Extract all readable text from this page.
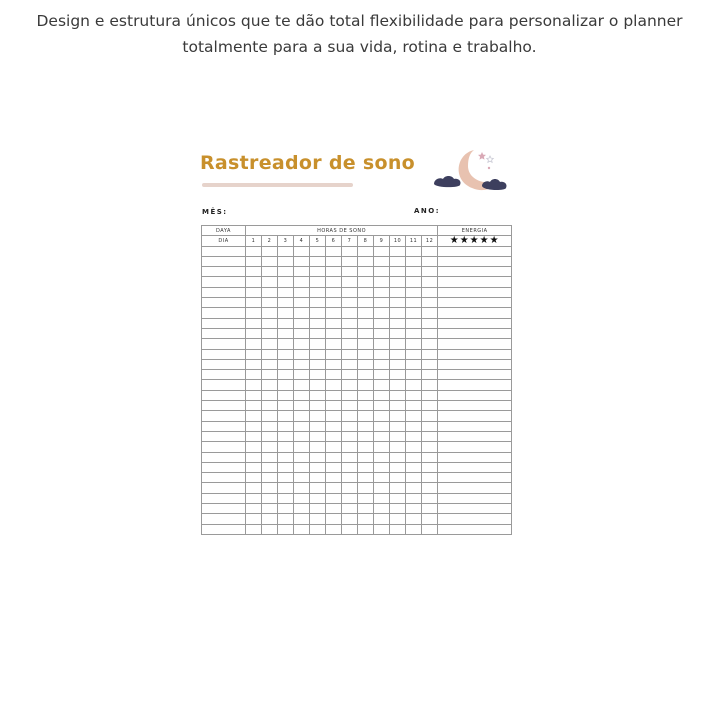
Design e estrutura únicos que te dão total flexibilidade para personalizar o planner totalmente para a sua vida, rotina e trabalho.
Rastreador de sono
MÊS:	ANO:
DAYA	HORAS DE SONO												ENERGIA
DIA	1	2	3	4	5	6	7	8	9	10	11	12	★★★★★
